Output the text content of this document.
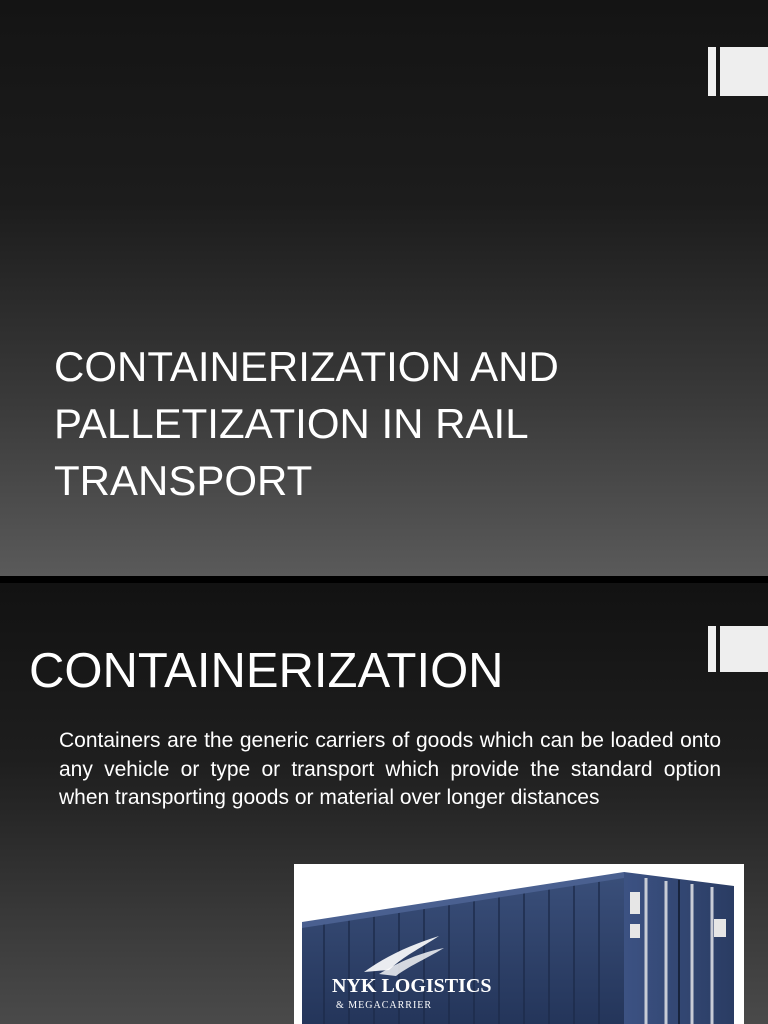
CONTAINERIZATION AND PALLETIZATION IN RAIL TRANSPORT
CONTAINERIZATION
Containers are the generic carriers of goods which can be loaded onto any vehicle or type or transport which provide the standard option when transporting goods or material over longer distances
NYK LOGISTICS
& MEGACARRIER
